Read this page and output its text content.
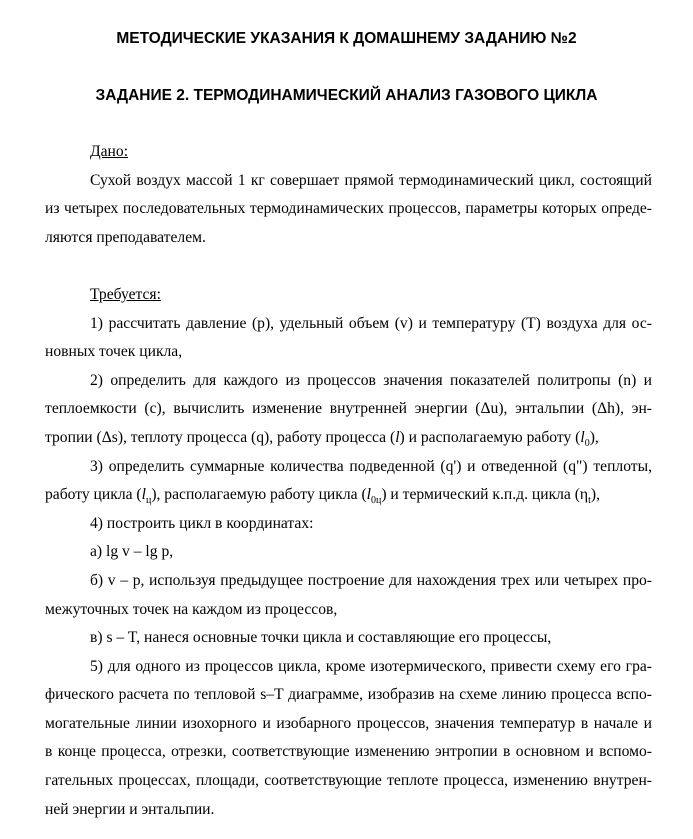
МЕТОДИЧЕСКИЕ УКАЗАНИЯ К ДОМАШНЕМУ ЗАДАНИЮ №2
ЗАДАНИЕ 2. ТЕРМОДИНАМИЧЕСКИЙ АНАЛИЗ ГАЗОВОГО ЦИКЛА
Дано:
Сухой воздух массой 1 кг совершает прямой термодинамический цикл, состоящий
из четырех последовательных термодинамических процессов, параметры которых опреде-
ляются преподавателем.

Требуется:
1) рассчитать давление (p), удельный объем (v) и температуру (T) воздуха для ос-
новных точек цикла,
2) определить для каждого из процессов значения показателей политропы (n) и
теплоемкости (c), вычислить изменение внутренней энергии (Δu), энтальпии (Δh), эн-
тропии (Δs), теплоту процесса (q), работу процесса (l) и располагаемую работу $(l_0)$,
3) определить суммарные количества подведенной (q') и отведенной (q") теплоты,
работу цикла $(l_ц)$, располагаемую работу цикла $(l_{0ц})$ и термический к.п.д. цикла $(\eta_t)$,
4) построить цикл в координатах:
а) lg v – lg p,
б) v – p, используя предыдущее построение для нахождения трех или четырех про-
межуточных точек на каждом из процессов,
в) s – T, нанеся основные точки цикла и составляющие его процессы,
5) для одного из процессов цикла, кроме изотермического, привести схему его гра-
фического расчета по тепловой s–T диаграмме, изобразив на схеме линию процесса вспо-
могательные линии изохорного и изобарного процессов, значения температур в начале и
в конце процесса, отрезки, соответствующие изменению энтропии в основном и вспомо-
гательных процессах, площади, соответствующие теплоте процесса, изменению внутрен-
ней энергии и энтальпии.
